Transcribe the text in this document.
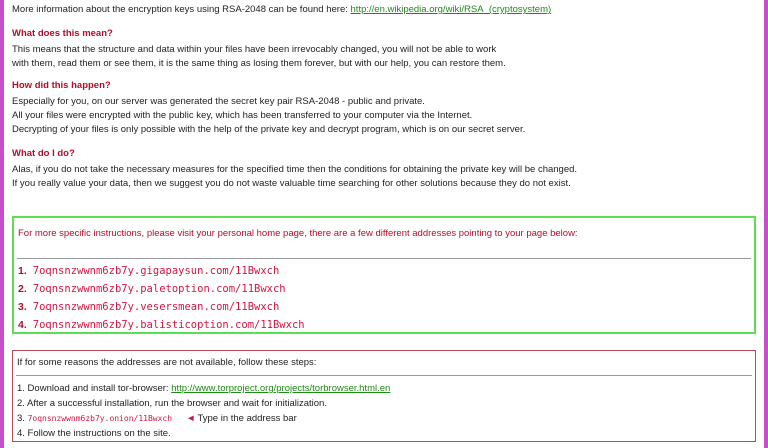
More information about the encryption keys using RSA-2048 can be found here: http://en.wikipedia.org/wiki/RSA_(cryptosystem)

What does this mean?

This means that the structure and data within your files have been irrevocably changed, you will not be able to work

with them, read them or see them, it is the same thing as losing them forever, but with our help, you can restore them.

How did this happen?

Especially for you, on our server was generated the secret key pair RSA-2048 - public and private.

All your files were encrypted with the public key, which has been transferred to your computer via the Internet.

Decrypting of your files is only possible with the help of the private key and decrypt program, which is on our secret server.

What do I do?

Alas, if you do not take the necessary measures for the specified time then the conditions for obtaining the private key will be changed.

If you really value your data, then we suggest you do not waste valuable time searching for other solutions because they do not exist.

For more specific instructions, please visit your personal home page, there are a few different addresses pointing to your page below:
1. 7oqnsnzwwnm6zb7y.gigapaysun.com/11Bwxch
2. 7oqnsnzwwnm6zb7y.paletoption.com/11Bwxch
3. 7oqnsnzwwnm6zb7y.vesersmean.com/11Bwxch
4. 7oqnsnzwwnm6zb7y.balisticoption.com/11Bwxch
If for some reasons the addresses are not available, follow these steps:
1. Download and install tor-browser: http://www.torproject.org/projects/torbrowser.html.en
2. After a successful installation, run the browser and wait for initialization.
3. 7oqnsnzwwnm6zb7y.onion/11Bwxch ◄ Type in the address bar
4. Follow the instructions on the site.
